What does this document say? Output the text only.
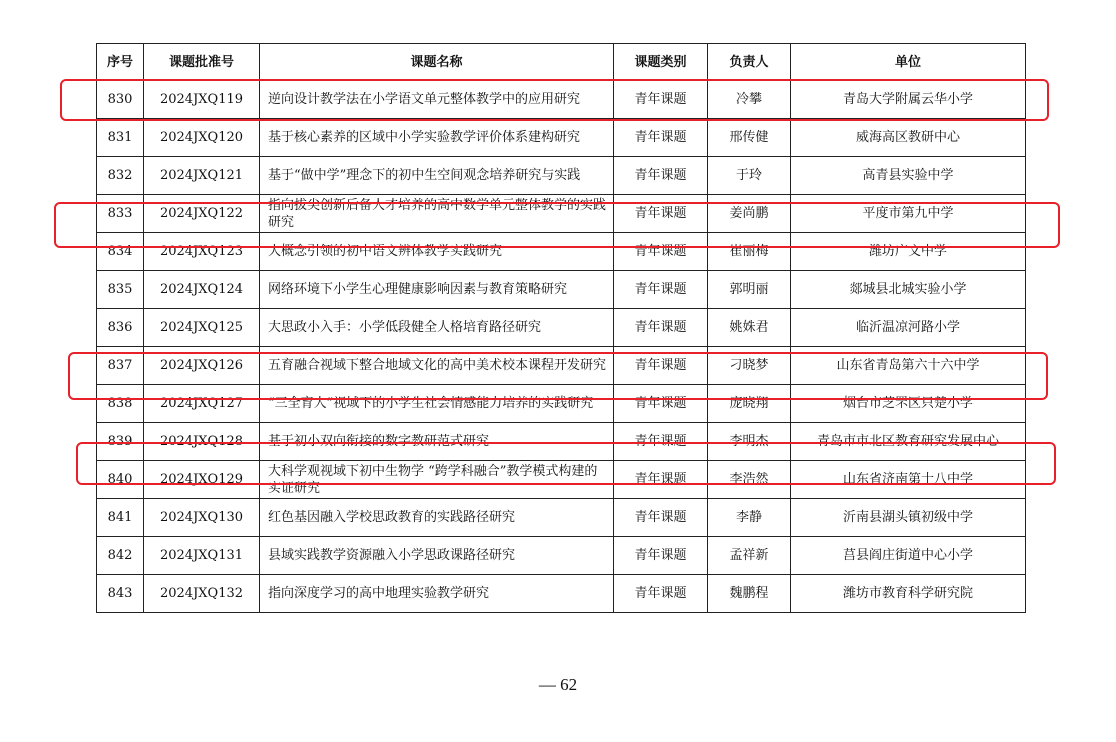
序号	课题批准号	课题名称	课题类别	负责人	单位
830	2024JXQ119	逆向设计教学法在小学语文单元整体教学中的应用研究	青年课题	冷攀	青岛大学附属云华小学
831	2024JXQ120	基于核心素养的区域中小学实验教学评价体系建构研究	青年课题	邢传健	威海高区教研中心
832	2024JXQ121	基于“做中学”理念下的初中生空间观念培养研究与实践	青年课题	于玲	高青县实验中学
833	2024JXQ122	指向拔尖创新后备人才培养的高中数学单元整体教学的实践研究	青年课题	姜尚鹏	平度市第九中学
834	2024JXQ123	大概念引领的初中语文辨体教学实践研究	青年课题	崔丽梅	潍坊广文中学
835	2024JXQ124	网络环境下小学生心理健康影响因素与教育策略研究	青年课题	郭明丽	郯城县北城实验小学
836	2024JXQ125	大思政小入手：小学低段健全人格培育路径研究	青年课题	姚姝君	临沂温凉河路小学
837	2024JXQ126	五育融合视域下整合地域文化的高中美术校本课程开发研究	青年课题	刁晓梦	山东省青岛第六十六中学
838	2024JXQ127	“三全育人”视域下的小学生社会情感能力培养的实践研究	青年课题	庞晓翔	烟台市芝罘区只楚小学
839	2024JXQ128	基于初小双向衔接的数字教研范式研究	青年课题	李明杰	青岛市市北区教育研究发展中心
840	2024JXQ129	大科学观视域下初中生物学 “跨学科融合”教学模式构建的实证研究	青年课题	李浩然	山东省济南第十八中学
841	2024JXQ130	红色基因融入学校思政教育的实践路径研究	青年课题	李静	沂南县湖头镇初级中学
842	2024JXQ131	县域实践教学资源融入小学思政课路径研究	青年课题	孟祥新	莒县阎庄街道中心小学
843	2024JXQ132	指向深度学习的高中地理实验教学研究	青年课题	魏鹏程	潍坊市教育科学研究院
— 62
